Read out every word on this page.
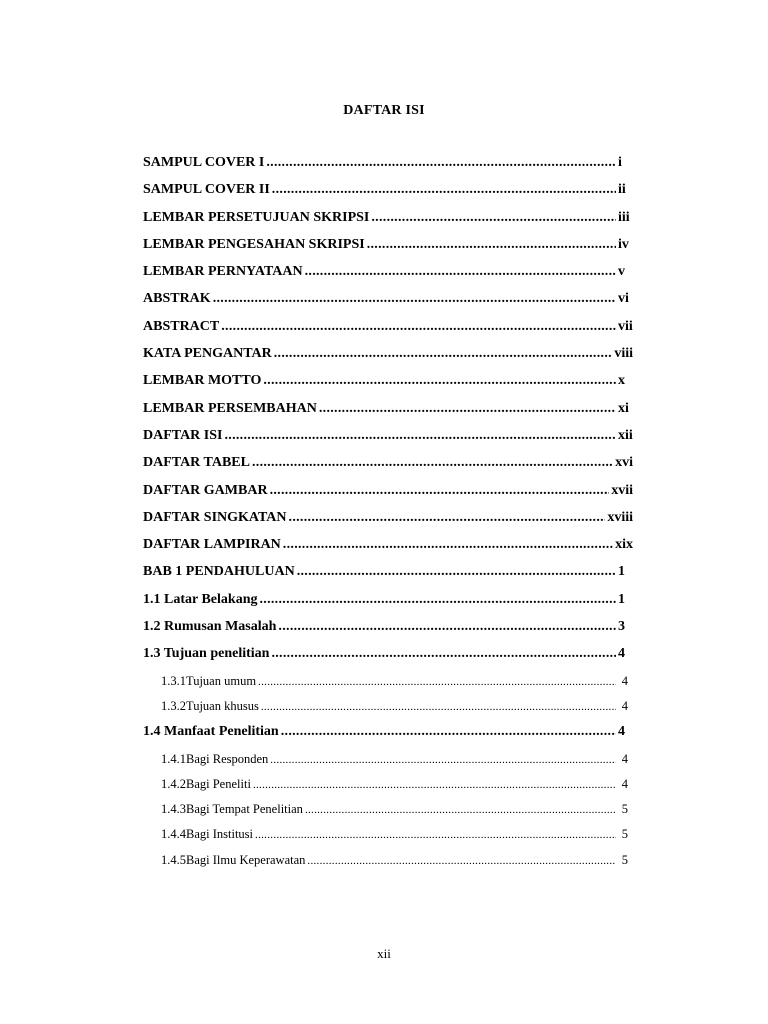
DAFTAR ISI
SAMPUL COVER I .....	i
SAMPUL COVER II .....	ii
LEMBAR PERSETUJUAN SKRIPSI .....	iii
LEMBAR PENGESAHAN SKRIPSI .....	iv
LEMBAR PERNYATAAN .....	v
ABSTRAK .....	vi
ABSTRACT .....	vii
KATA PENGANTAR .....	viii
LEMBAR MOTTO .....	x
LEMBAR PERSEMBAHAN .....	xi
DAFTAR ISI .....	xii
DAFTAR TABEL .....	xvi
DAFTAR GAMBAR .....	xvii
DAFTAR SINGKATAN .....	xviii
DAFTAR LAMPIRAN .....	xix
BAB 1 PENDAHULUAN .....	1
1.1 Latar Belakang .....	1
1.2 Rumusan Masalah .....	3
1.3 Tujuan penelitian .....	4
1.3.1 Tujuan umum .....	4
1.3.2 Tujuan khusus .....	4
1.4 Manfaat Penelitian .....	4
1.4.1 Bagi Responden .....	4
1.4.2 Bagi Peneliti .....	4
1.4.3 Bagi Tempat Penelitian .....	5
1.4.4 Bagi Institusi .....	5
1.4.5 Bagi Ilmu Keperawatan .....	5
xii
